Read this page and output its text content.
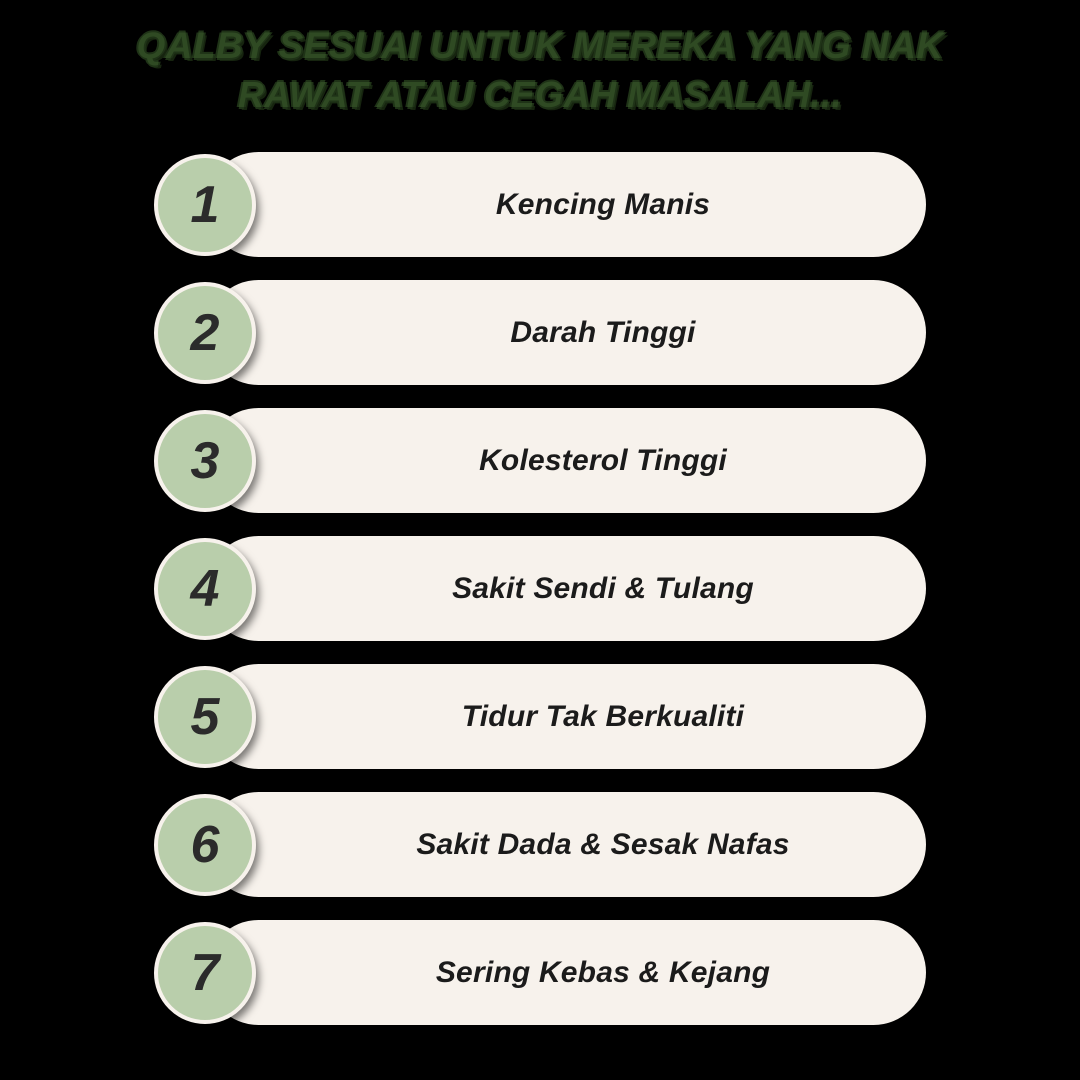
QALBY SESUAI UNTUK MEREKA YANG NAK
RAWAT ATAU CEGAH MASALAH...
Kencing Manis
1
Darah Tinggi
2
Kolesterol Tinggi
3
Sakit Sendi & Tulang
4
Tidur Tak Berkualiti
5
Sakit Dada & Sesak Nafas
6
Sering Kebas & Kejang
7
